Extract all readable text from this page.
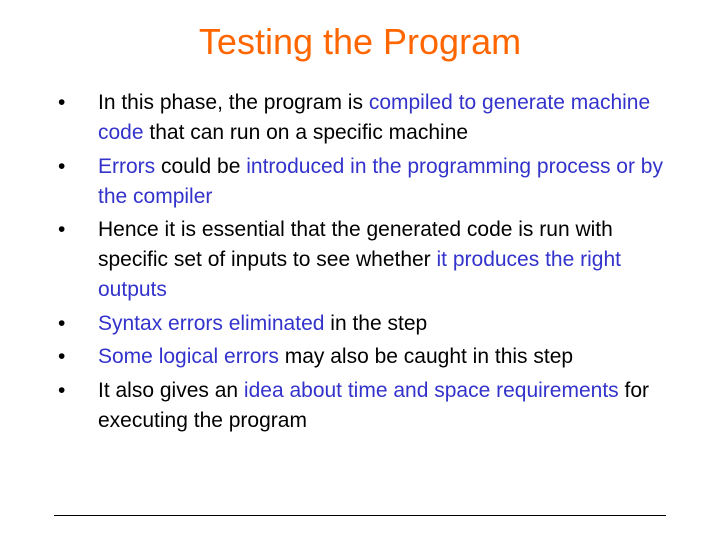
Testing the Program
•	In this phase, the program is compiled to generate machine code that can run on a specific machine
•	Errors could be introduced in the programming process or by the compiler
•	Hence it is essential that the generated code is run with specific set of inputs to see whether it produces the right outputs
•	Syntax errors eliminated in the step
•	Some logical errors may also be caught in this step
•	It also gives an idea about time and space requirements for executing the program
